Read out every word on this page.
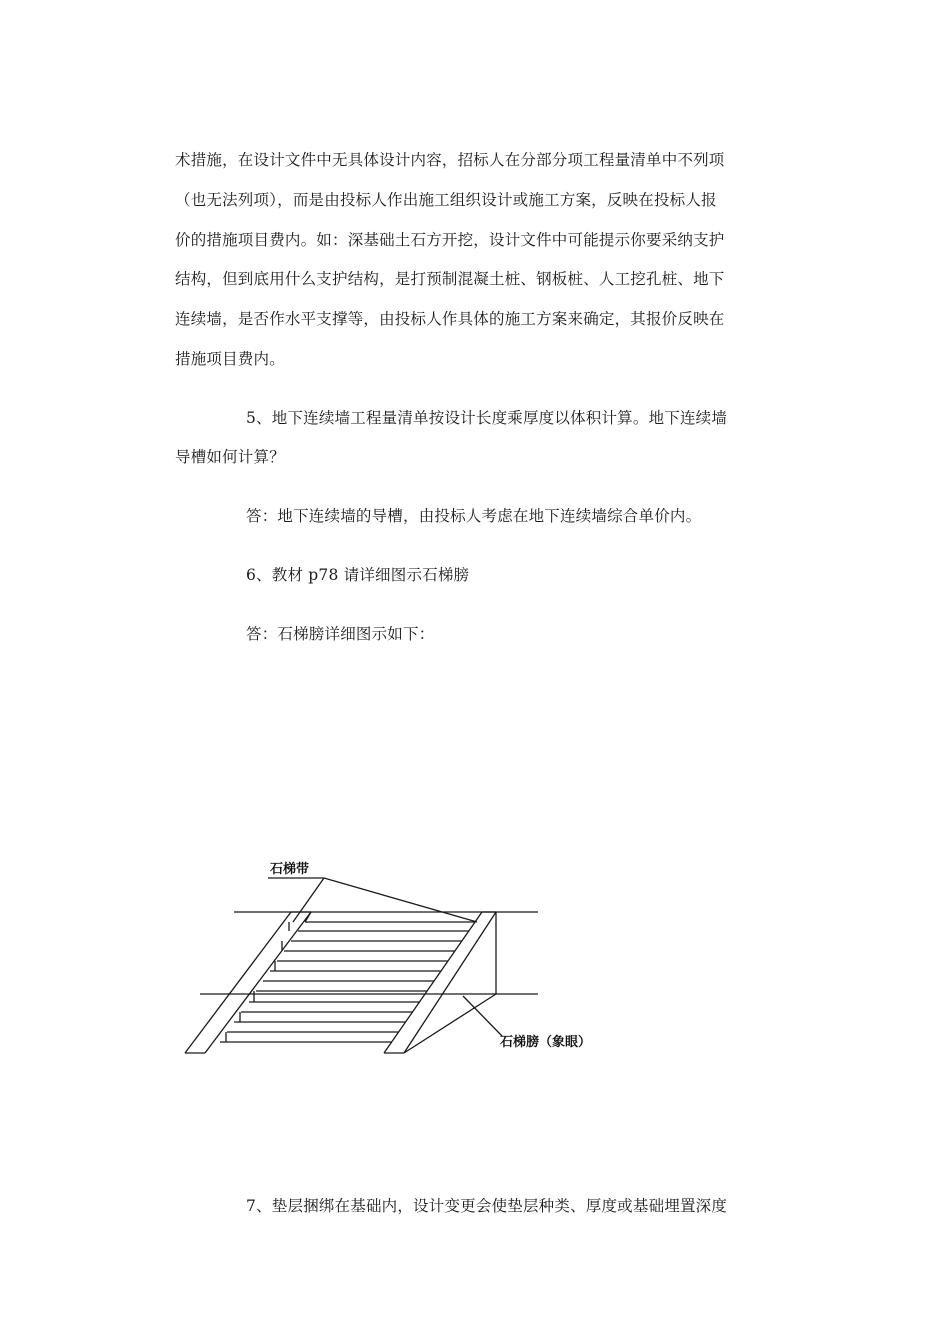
术措施，在设计文件中无具体设计内容，招标人在分部分项工程量清单中不列项
（也无法列项），而是由投标人作出施工组织设计或施工方案，反映在投标人报
价的措施项目费内。如：深基础土石方开挖，设计文件中可能提示你要采纳支护
结构，但到底用什么支护结构，是打预制混凝土桩、钢板桩、人工挖孔桩、地下
连续墙，是否作水平支撑等，由投标人作具体的施工方案来确定，其报价反映在
措施项目费内。
5、地下连续墙工程量清单按设计长度乘厚度以体积计算。地下连续墙
导槽如何计算？
答：地下连续墙的导槽，由投标人考虑在地下连续墙综合单价内。
6、教材 p78 请详细图示石梯膀
答：石梯膀详细图示如下：
石梯带
石梯膀（象眼）
7、垫层捆绑在基础内，设计变更会使垫层种类、厚度或基础埋置深度
